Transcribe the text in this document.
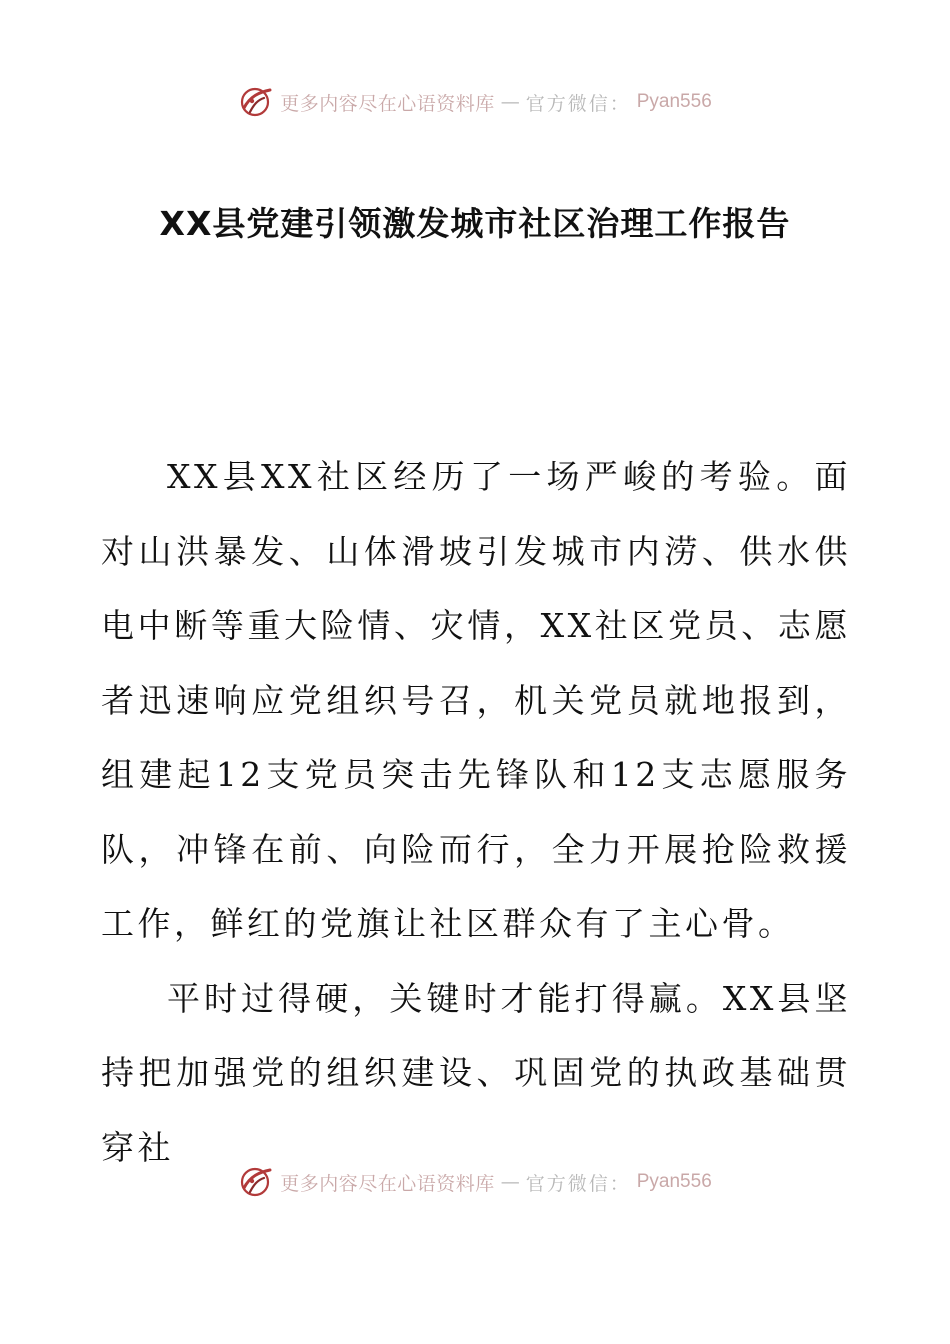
更多内容尽在心语资料库 — 官方微信： Pyan556
XX县党建引领激发城市社区治理工作报告

XX县XX社区经历了一场严峻的考验。面对山洪暴发、山体滑坡引发城市内涝、供水供电中断等重大险情、灾情，XX社区党员、志愿者迅速响应党组织号召，机关党员就地报到，组建起12支党员突击先锋队和12支志愿服务队，冲锋在前、向险而行，全力开展抢险救援工作，鲜红的党旗让社区群众有了主心骨。

平时过得硬，关键时才能打得赢。XX县坚持把加强党的组织建设、巩固党的执政基础贯穿社

更多内容尽在心语资料库 — 官方微信： Pyan556
